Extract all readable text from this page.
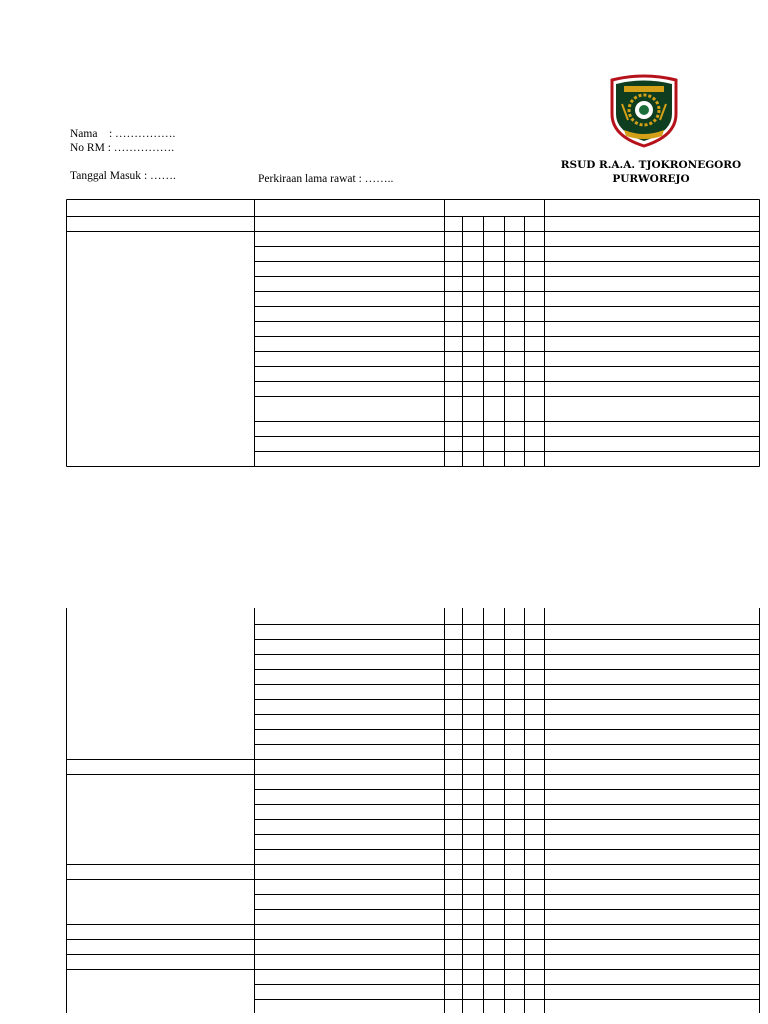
Nama : …………….
No RM : …………….
Tanggal Masuk : …….	Perkiraan lama rawat : ……..
RSUD R.A.A. TJOKRONEGORO
PURWOREJO
